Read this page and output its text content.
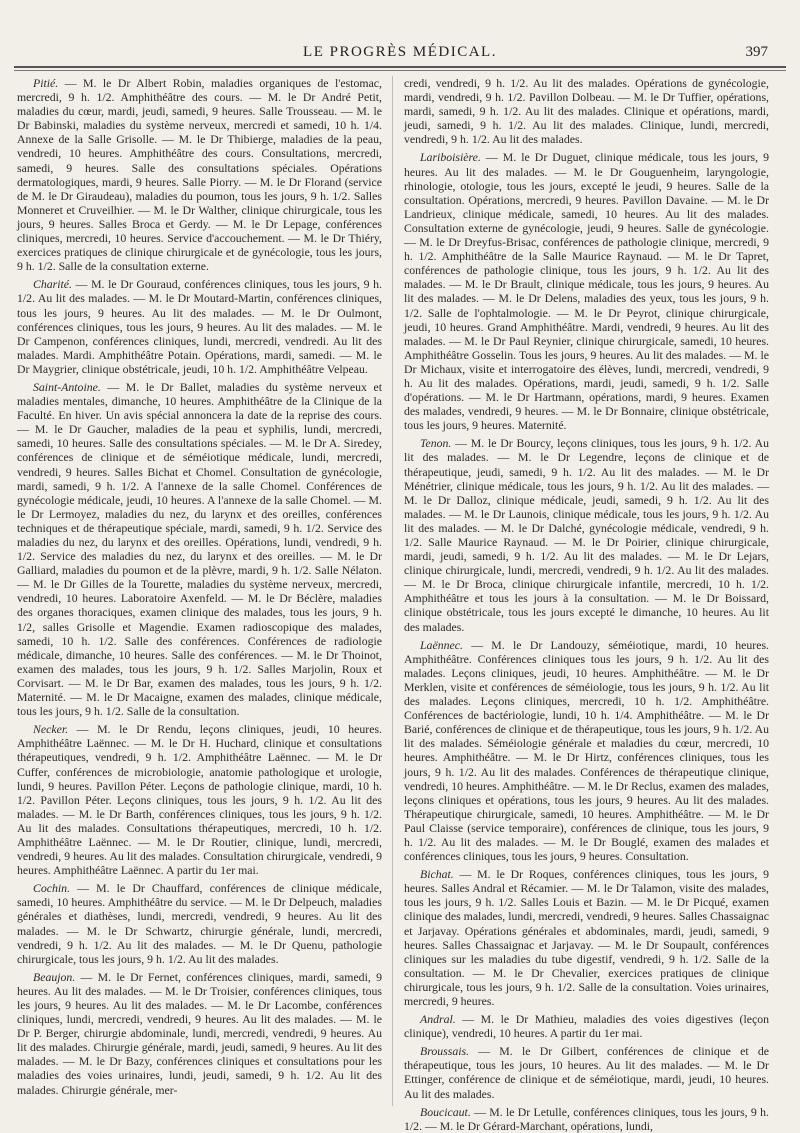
LE PROGRÈS MÉDICAL.	397

Pitié. — M. le Dr Albert Robin, maladies organiques de l'estomac, mercredi, 9 h. 1/2. Amphithéâtre des cours. — M. le Dr André Petit, maladies du cœur, mardi, jeudi, samedi, 9 heures. Salle Trousseau. — M. le Dr Babinski, maladies du système nerveux, mercredi et samedi, 10 h. 1/4. Annexe de la Salle Grisolle. — M. le Dr Thibierge, maladies de la peau, vendredi, 10 heures. Amphithéâtre des cours. Consultations, mercredi, samedi, 9 heures. Salle des consultations spéciales. Opérations dermatologiques, mardi, 9 heures. Salle Piorry. — M. le Dr Florand (service de M. le Dr Giraudeau), maladies du poumon, tous les jours, 9 h. 1/2. Salles Monneret et Cruveilhier. — M. le Dr Walther, clinique chirurgicale, tous les jours, 9 heures. Salles Broca et Gerdy. — M. le Dr Lepage, conférences cliniques, mercredi, 10 heures. Service d'accouchement. — M. le Dr Thiéry, exercices pratiques de clinique chirurgicale et de gynécologie, tous les jours, 9 h. 1/2. Salle de la consultation externe.

Charité. — M. le Dr Gouraud, conférences cliniques, tous les jours, 9 h. 1/2. Au lit des malades. — M. le Dr Moutard-Martin, conférences cliniques, tous les jours, 9 heures. Au lit des malades. — M. le Dr Oulmont, conférences cliniques, tous les jours, 9 heures. Au lit des malades. — M. le Dr Campenon, conférences cliniques, lundi, mercredi, vendredi. Au lit des malades. Mardi. Amphithéâtre Potain. Opérations, mardi, samedi. — M. le Dr Maygrier, clinique obstétricale, jeudi, 10 h. 1/2. Amphithéâtre Velpeau.

Saint-Antoine. — M. le Dr Ballet, maladies du système nerveux et maladies mentales, dimanche, 10 heures. Amphithéâtre de la Clinique de la Faculté. En hiver. Un avis spécial annoncera la date de la reprise des cours. — M. le Dr Gaucher, maladies de la peau et syphilis, lundi, mercredi, samedi, 10 heures. Salle des consultations spéciales. — M. le Dr A. Siredey, conférences de clinique et de séméiotique médicale, lundi, mercredi, vendredi, 9 heures. Salles Bichat et Chomel. Consultation de gynécologie, mardi, samedi, 9 h. 1/2. A l'annexe de la salle Chomel. Conférences de gynécologie médicale, jeudi, 10 heures. A l'annexe de la salle Chomel. — M. le Dr Lermoyez, maladies du nez, du larynx et des oreilles, conférences techniques et de thérapeutique spéciale, mardi, samedi, 9 h. 1/2. Service des maladies du nez, du larynx et des oreilles. Opérations, lundi, vendredi, 9 h. 1/2. Service des maladies du nez, du larynx et des oreilles. — M. le Dr Galliard, maladies du poumon et de la plèvre, mardi, 9 h. 1/2. Salle Nélaton. — M. le Dr Gilles de la Tourette, maladies du système nerveux, mercredi, vendredi, 10 heures. Laboratoire Axenfeld. — M. le Dr Béclère, maladies des organes thoraciques, examen clinique des malades, tous les jours, 9 h. 1/2, salles Grisolle et Magendie. Examen radioscopique des malades, samedi, 10 h. 1/2. Salle des conférences. Conférences de radiologie médicale, dimanche, 10 heures. Salle des conférences. — M. le Dr Thoinot, examen des malades, tous les jours, 9 h. 1/2. Salles Marjolin, Roux et Corvisart. — M. le Dr Bar, examen des malades, tous les jours, 9 h. 1/2. Maternité. — M. le Dr Macaigne, examen des malades, clinique médicale, tous les jours, 9 h. 1/2. Salle de la consultation.

Necker. — M. le Dr Rendu, leçons cliniques, jeudi, 10 heures. Amphithéâtre Laënnec. — M. le Dr H. Huchard, clinique et consultations thérapeutiques, vendredi, 9 h. 1/2. Amphithéâtre Laënnec. — M. le Dr Cuffer, conférences de microbiologie, anatomie pathologique et urologie, lundi, 9 heures. Pavillon Péter. Leçons de pathologie clinique, mardi, 10 h. 1/2. Pavillon Péter. Leçons cliniques, tous les jours, 9 h. 1/2. Au lit des malades. — M. le Dr Barth, conférences cliniques, tous les jours, 9 h. 1/2. Au lit des malades. Consultations thérapeutiques, mercredi, 10 h. 1/2. Amphithéâtre Laënnec. — M. le Dr Routier, clinique, lundi, mercredi, vendredi, 9 heures. Au lit des malades. Consultation chirurgicale, vendredi, 9 heures. Amphithéâtre Laënnec. A partir du 1er mai.

Cochin. — M. le Dr Chauffard, conférences de clinique médicale, samedi, 10 heures. Amphithéâtre du service. — M. le Dr Delpeuch, maladies générales et diathèses, lundi, mercredi, vendredi, 9 heures. Au lit des malades. — M. le Dr Schwartz, chirurgie générale, lundi, mercredi, vendredi, 9 h. 1/2. Au lit des malades. — M. le Dr Quenu, pathologie chirurgicale, tous les jours, 9 h. 1/2. Au lit des malades.

Beaujon. — M. le Dr Fernet, conférences cliniques, mardi, samedi, 9 heures. Au lit des malades. — M. le Dr Troisier, conférences cliniques, tous les jours, 9 heures. Au lit des malades. — M. le Dr Lacombe, conférences cliniques, lundi, mercredi, vendredi, 9 heures. Au lit des malades. — M. le Dr P. Berger, chirurgie abdominale, lundi, mercredi, vendredi, 9 heures. Au lit des malades. Chirurgie générale, mardi, jeudi, samedi, 9 heures. Au lit des malades. — M. le Dr Bazy, conférences cliniques et consultations pour les maladies des voies urinaires, lundi, jeudi, samedi, 9 h. 1/2. Au lit des malades. Chirurgie générale, mer-

credi, vendredi, 9 h. 1/2. Au lit des malades. Opérations de gynécologie, mardi, vendredi, 9 h. 1/2. Pavillon Dolbeau. — M. le Dr Tuffier, opérations, mardi, samedi, 9 h. 1/2. Au lit des malades. Clinique et opérations, mardi, jeudi, samedi, 9 h. 1/2. Au lit des malades. Clinique, lundi, mercredi, vendredi, 9 h. 1/2. Au lit des malades.

Lariboisière. — M. le Dr Duguet, clinique médicale, tous les jours, 9 heures. Au lit des malades. — M. le Dr Gouguenheim, laryngologie, rhinologie, otologie, tous les jours, excepté le jeudi, 9 heures. Salle de la consultation. Opérations, mercredi, 9 heures. Pavillon Davaine. — M. le Dr Landrieux, clinique médicale, samedi, 10 heures. Au lit des malades. Consultation externe de gynécologie, jeudi, 9 heures. Salle de gynécologie. — M. le Dr Dreyfus-Brisac, conférences de pathologie clinique, mercredi, 9 h. 1/2. Amphithéâtre de la Salle Maurice Raynaud. — M. le Dr Tapret, conférences de pathologie clinique, tous les jours, 9 h. 1/2. Au lit des malades. — M. le Dr Brault, clinique médicale, tous les jours, 9 heures. Au lit des malades. — M. le Dr Delens, maladies des yeux, tous les jours, 9 h. 1/2. Salle de l'ophtalmologie. — M. le Dr Peyrot, clinique chirurgicale, jeudi, 10 heures. Grand Amphithéâtre. Mardi, vendredi, 9 heures. Au lit des malades. — M. le Dr Paul Reynier, clinique chirurgicale, samedi, 10 heures. Amphithéâtre Gosselin. Tous les jours, 9 heures. Au lit des malades. — M. le Dr Michaux, visite et interrogatoire des élèves, lundi, mercredi, vendredi, 9 h. Au lit des malades. Opérations, mardi, jeudi, samedi, 9 h. 1/2. Salle d'opérations. — M. le Dr Hartmann, opérations, mardi, 9 heures. Examen des malades, vendredi, 9 heures. — M. le Dr Bonnaire, clinique obstétricale, tous les jours, 9 heures. Maternité.

Tenon. — M. le Dr Bourcy, leçons cliniques, tous les jours, 9 h. 1/2. Au lit des malades. — M. le Dr Legendre, leçons de clinique et de thérapeutique, jeudi, samedi, 9 h. 1/2. Au lit des malades. — M. le Dr Ménétrier, clinique médicale, tous les jours, 9 h. 1/2. Au lit des malades. — M. le Dr Dalloz, clinique médicale, jeudi, samedi, 9 h. 1/2. Au lit des malades. — M. le Dr Launois, clinique médicale, tous les jours, 9 h. 1/2. Au lit des malades. — M. le Dr Dalché, gynécologie médicale, vendredi, 9 h. 1/2. Salle Maurice Raynaud. — M. le Dr Poirier, clinique chirurgicale, mardi, jeudi, samedi, 9 h. 1/2. Au lit des malades. — M. le Dr Lejars, clinique chirurgicale, lundi, mercredi, vendredi, 9 h. 1/2. Au lit des malades. — M. le Dr Broca, clinique chirurgicale infantile, mercredi, 10 h. 1/2. Amphithéâtre et tous les jours à la consultation. — M. le Dr Boissard, clinique obstétricale, tous les jours excepté le dimanche, 10 heures. Au lit des malades.

Laënnec. — M. le Dr Landouzy, séméiotique, mardi, 10 heures. Amphithéâtre. Conférences cliniques tous les jours, 9 h. 1/2. Au lit des malades. Leçons cliniques, jeudi, 10 heures. Amphithéâtre. — M. le Dr Merklen, visite et conférences de séméiologie, tous les jours, 9 h. 1/2. Au lit des malades. Leçons cliniques, mercredi, 10 h. 1/2. Amphithéâtre. Conférences de bactériologie, lundi, 10 h. 1/4. Amphithéâtre. — M. le Dr Barié, conférences de clinique et de thérapeutique, tous les jours, 9 h. 1/2. Au lit des malades. Séméiologie générale et maladies du cœur, mercredi, 10 heures. Amphithéâtre. — M. le Dr Hirtz, conférences cliniques, tous les jours, 9 h. 1/2. Au lit des malades. Conférences de thérapeutique clinique, vendredi, 10 heures. Amphithéâtre. — M. le Dr Reclus, examen des malades, leçons cliniques et opérations, tous les jours, 9 heures. Au lit des malades. Thérapeutique chirurgicale, samedi, 10 heures. Amphithéâtre. — M. le Dr Paul Claisse (service temporaire), conférences de clinique, tous les jours, 9 h. 1/2. Au lit des malades. — M. le Dr Bouglé, examen des malades et conférences cliniques, tous les jours, 9 heures. Consultation.

Bichat. — M. le Dr Roques, conférences cliniques, tous les jours, 9 heures. Salles Andral et Récamier. — M. le Dr Talamon, visite des malades, tous les jours, 9 h. 1/2. Salles Louis et Bazin. — M. le Dr Picqué, examen clinique des malades, lundi, mercredi, vendredi, 9 heures. Salles Chassaignac et Jarjavay. Opérations générales et abdominales, mardi, jeudi, samedi, 9 heures. Salles Chassaignac et Jarjavay. — M. le Dr Soupault, conférences cliniques sur les maladies du tube digestif, vendredi, 9 h. 1/2. Salle de la consultation. — M. le Dr Chevalier, exercices pratiques de clinique chirurgicale, tous les jours, 9 h. 1/2. Salle de la consultation. Voies urinaires, mercredi, 9 heures.

Andral. — M. le Dr Mathieu, maladies des voies digestives (leçon clinique), vendredi, 10 heures. A partir du 1er mai.

Broussais. — M. le Dr Gilbert, conférences de clinique et de thérapeutique, tous les jours, 10 heures. Au lit des malades. — M. le Dr Ettinger, conférence de clinique et de séméiotique, mardi, jeudi, 10 heures. Au lit des malades.

Boucicaut. — M. le Dr Letulle, conférences cliniques, tous les jours, 9 h. 1/2. — M. le Dr Gérard-Marchant, opérations, lundi,
